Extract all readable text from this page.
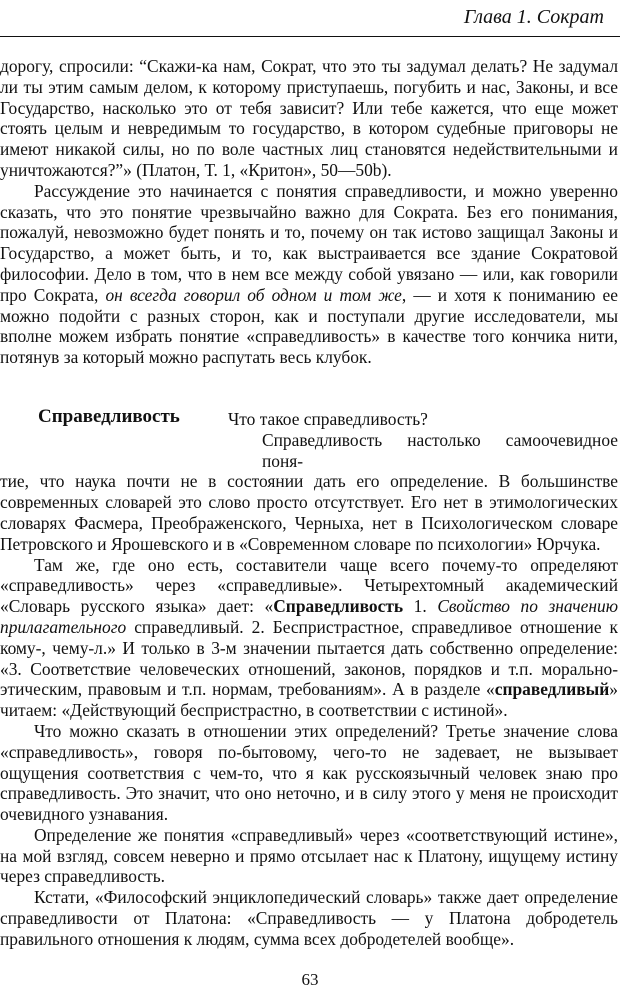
Глава 1. Сократ

дорогу, спросили: “Скажи-ка нам, Сократ, что это ты задумал делать? Не задумал ли ты этим самым делом, к которому приступаешь, погубить и нас, Законы, и все Государство, насколько это от тебя зависит? Или тебе кажется, что еще может стоять целым и невредимым то государство, в котором судебные приговоры не имеют никакой силы, но по воле частных лиц становятся недействительными и уничтожаются?”» (Платон, Т. 1, «Критон», 50—50b).

Рассуждение это начинается с понятия справедливости, и можно уверенно сказать, что это понятие чрезвычайно важно для Сократа. Без его понимания, пожалуй, невозможно будет понять и то, почему он так истово защищал Законы и Государство, а может быть, и то, как выстраивается все здание Сократовой философии. Дело в том, что в нем все между собой увязано — или, как говорили про Сократа, он всегда говорил об одном и том же, — и хотя к пониманию ее можно подойти с разных сторон, как и поступали другие исследователи, мы вполне можем избрать понятие «справедливость» в качестве того кончика нити, потянув за который можно распутать весь клубок.

Справедливость	Что такое справедливость?

Справедливость настолько самоочевидное поня-

тие, что наука почти не в состоянии дать его определение. В большинстве современных словарей это слово просто отсутствует. Его нет в этимологических словарях Фасмера, Преображенского, Черныха, нет в Психологическом словаре Петровского и Ярошевского и в «Современном словаре по психологии» Юрчука.

Там же, где оно есть, составители чаще всего почему-то определяют «справедливость» через «справедливые». Четырехтомный академический «Словарь русского языка» дает: «Справедливость 1. Свойство по значению прилагательного справедливый. 2. Беспристрастное, справедливое отношение к кому-, чему-л.» И только в 3-м значении пытается дать собственно определение: «3. Соответствие человеческих отношений, законов, порядков и т.п. морально-этическим, правовым и т.п. нормам, требованиям». А в разделе «справедливый» читаем: «Действующий беспристрастно, в соответствии с истиной».

Что можно сказать в отношении этих определений? Третье значение слова «справедливость», говоря по-бытовому, чего-то не задевает, не вызывает ощущения соответствия с чем-то, что я как русскоязычный человек знаю про справедливость. Это значит, что оно неточно, и в силу этого у меня не происходит очевидного узнавания.

Определение же понятия «справедливый» через «соответствующий истине», на мой взгляд, совсем неверно и прямо отсылает нас к Платону, ищущему истину через справедливость.

Кстати, «Философский энциклопедический словарь» также дает определение справедливости от Платона: «Справедливость — у Платона добродетель правильного отношения к людям, сумма всех добродетелей вообще».

63
